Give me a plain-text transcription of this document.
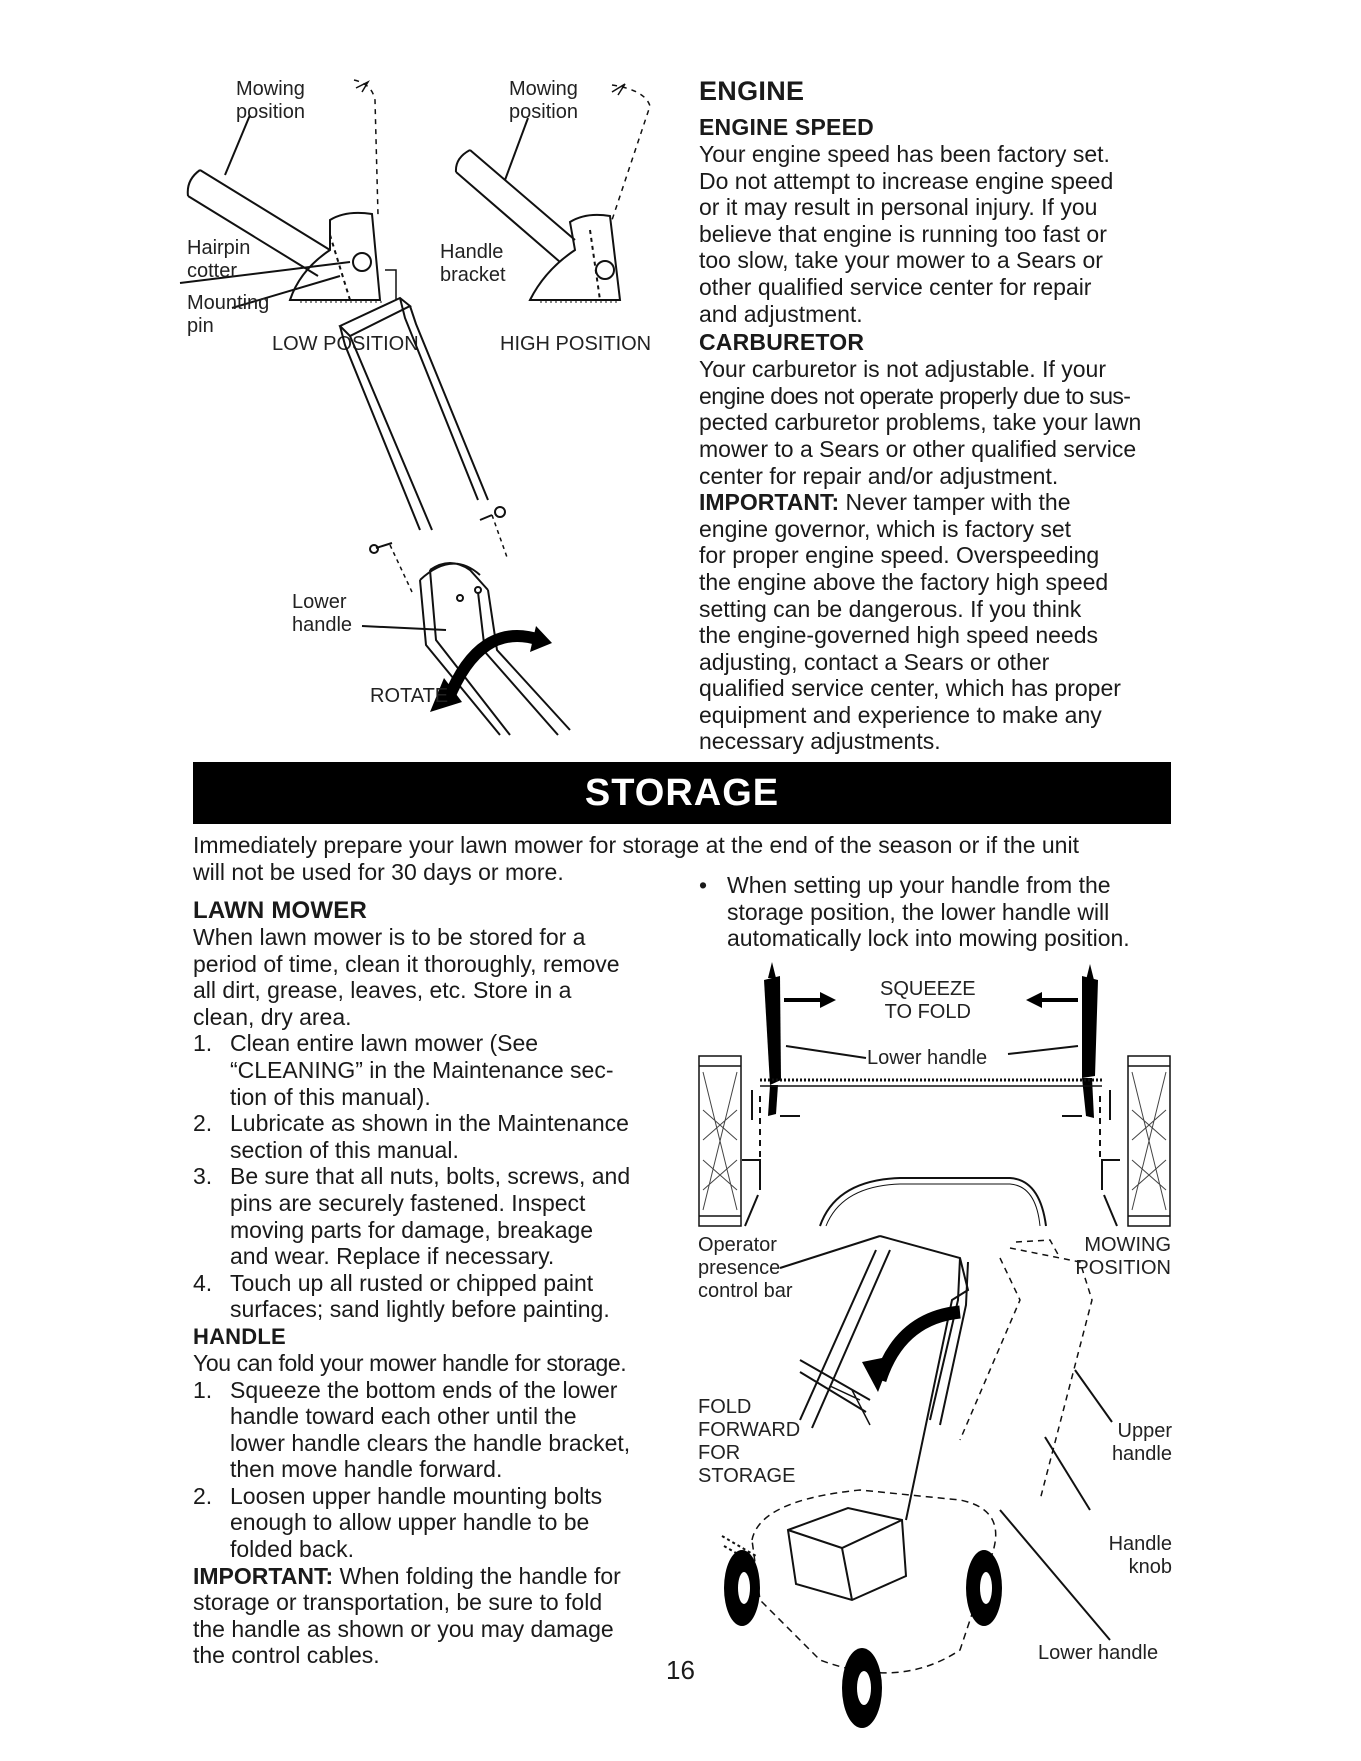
Mowing
position
Mowing
position
Hairpin
cotter
Mounting
pin
Handle
bracket
LOW POSITION	HIGH POSITION
Lower
handle
ROTATE
ENGINE
ENGINE SPEED

Your engine speed has been factory set.

Do not attempt to increase engine speed

or it may result in personal injury. If you

believe that engine is running too fast or

too slow, take your mower to a Sears or

other qualified service center for repair

and adjustment.

CARBURETOR

Your carburetor is not adjustable. If your

engine does not operate properly due to sus-

pected carburetor problems, take your lawn

mower to a Sears or other qualified service

center for repair and/or adjustment.

IMPORTANT: Never tamper with the

engine governor, which is factory set

for proper engine speed. Overspeeding

the engine above the factory high speed

setting can be dangerous. If you think

the engine-governed high speed needs

adjusting, contact a Sears or other

qualified service center, which has proper

equipment and experience to make any

necessary adjustments.

STORAGE

Immediately prepare your lawn mower for storage at the end of the season or if the unit

will not be used for 30 days or more.

LAWN MOWER

When lawn mower is to be stored for a

period of time, clean it thoroughly, remove

all dirt, grease, leaves, etc. Store in a

clean, dry area.

1. Clean entire lawn mower (See

“CLEANING” in the Maintenance sec-

tion of this manual).

2. Lubricate as shown in the Maintenance

section of this manual.

3. Be sure that all nuts, bolts, screws, and

pins are securely fastened. Inspect

moving parts for damage, breakage

and wear. Replace if necessary.

4. Touch up all rusted or chipped paint

surfaces; sand lightly before painting.

HANDLE

You can fold your mower handle for storage.

1. Squeeze the bottom ends of the lower

handle toward each other until the

lower handle clears the handle bracket,

then move handle forward.

2. Loosen upper handle mounting bolts

enough to allow upper handle to be

folded back.

IMPORTANT: When folding the handle for

storage or transportation, be sure to fold

the handle as shown or you may damage

the control cables.

• When setting up your handle from the

storage position, the lower handle will

automatically lock into mowing position.

SQUEEZE
TO FOLD
Lower handle
Operator
presence
control bar
MOWING
POSITION
FOLD
FORWARD
FOR
STORAGE
Upper
handle
Handle
knob
Lower handle
16
